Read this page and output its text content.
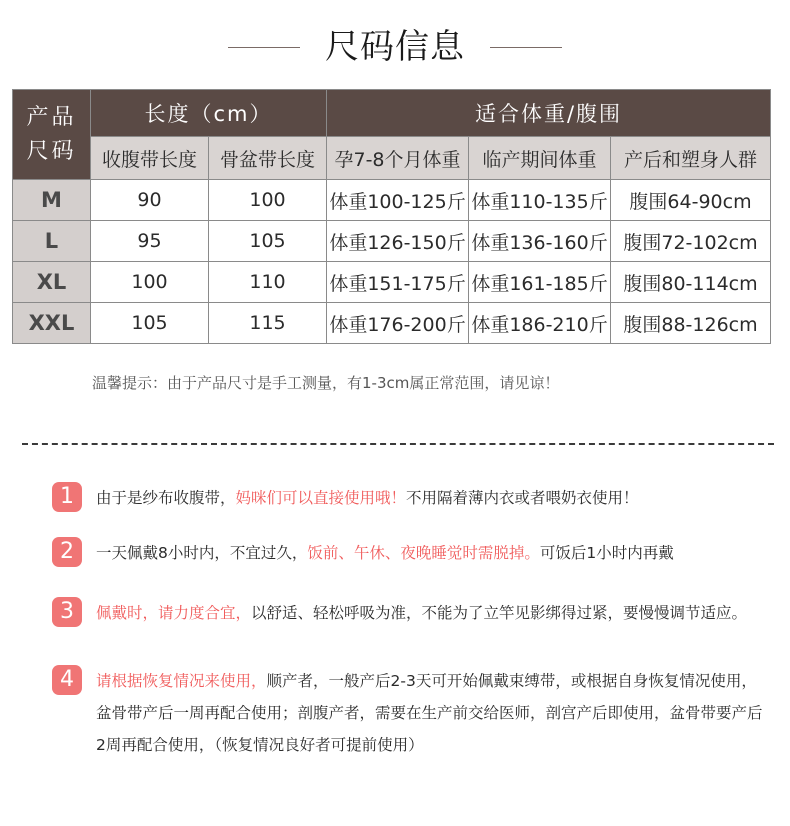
尺码信息
产品
尺码	长度（cm）		适合体重/腹围		
	收腹带长度	骨盆带长度	孕7-8个月体重	临产期间体重	产后和塑身人群
M	90	100	体重100-125斤	体重110-135斤	腹围64-90cm
L	95	105	体重126-150斤	体重136-160斤	腹围72-102cm
XL	100	110	体重151-175斤	体重161-185斤	腹围80-114cm
XXL	105	115	体重176-200斤	体重186-210斤	腹围88-126cm
温馨提示：由于产品尺寸是手工测量，有1-3cm属正常范围，请见谅！
1	由于是纱布收腹带，妈咪们可以直接使用哦！不用隔着薄内衣或者喂奶衣使用！
2	一天佩戴8小时内，不宜过久，饭前、午休、夜晚睡觉时需脱掉。可饭后1小时内再戴
3	佩戴时，请力度合宜，以舒适、轻松呼吸为准，不能为了立竿见影绑得过紧，要慢慢调节适应。
4	请根据恢复情况来使用，顺产者，一般产后2-3天可开始佩戴束缚带，或根据自身恢复情况使用，盆骨带产后一周再配合使用；剖腹产者，需要在生产前交给医师，剖宫产后即使用，盆骨带要产后2周再配合使用，（恢复情况良好者可提前使用）
